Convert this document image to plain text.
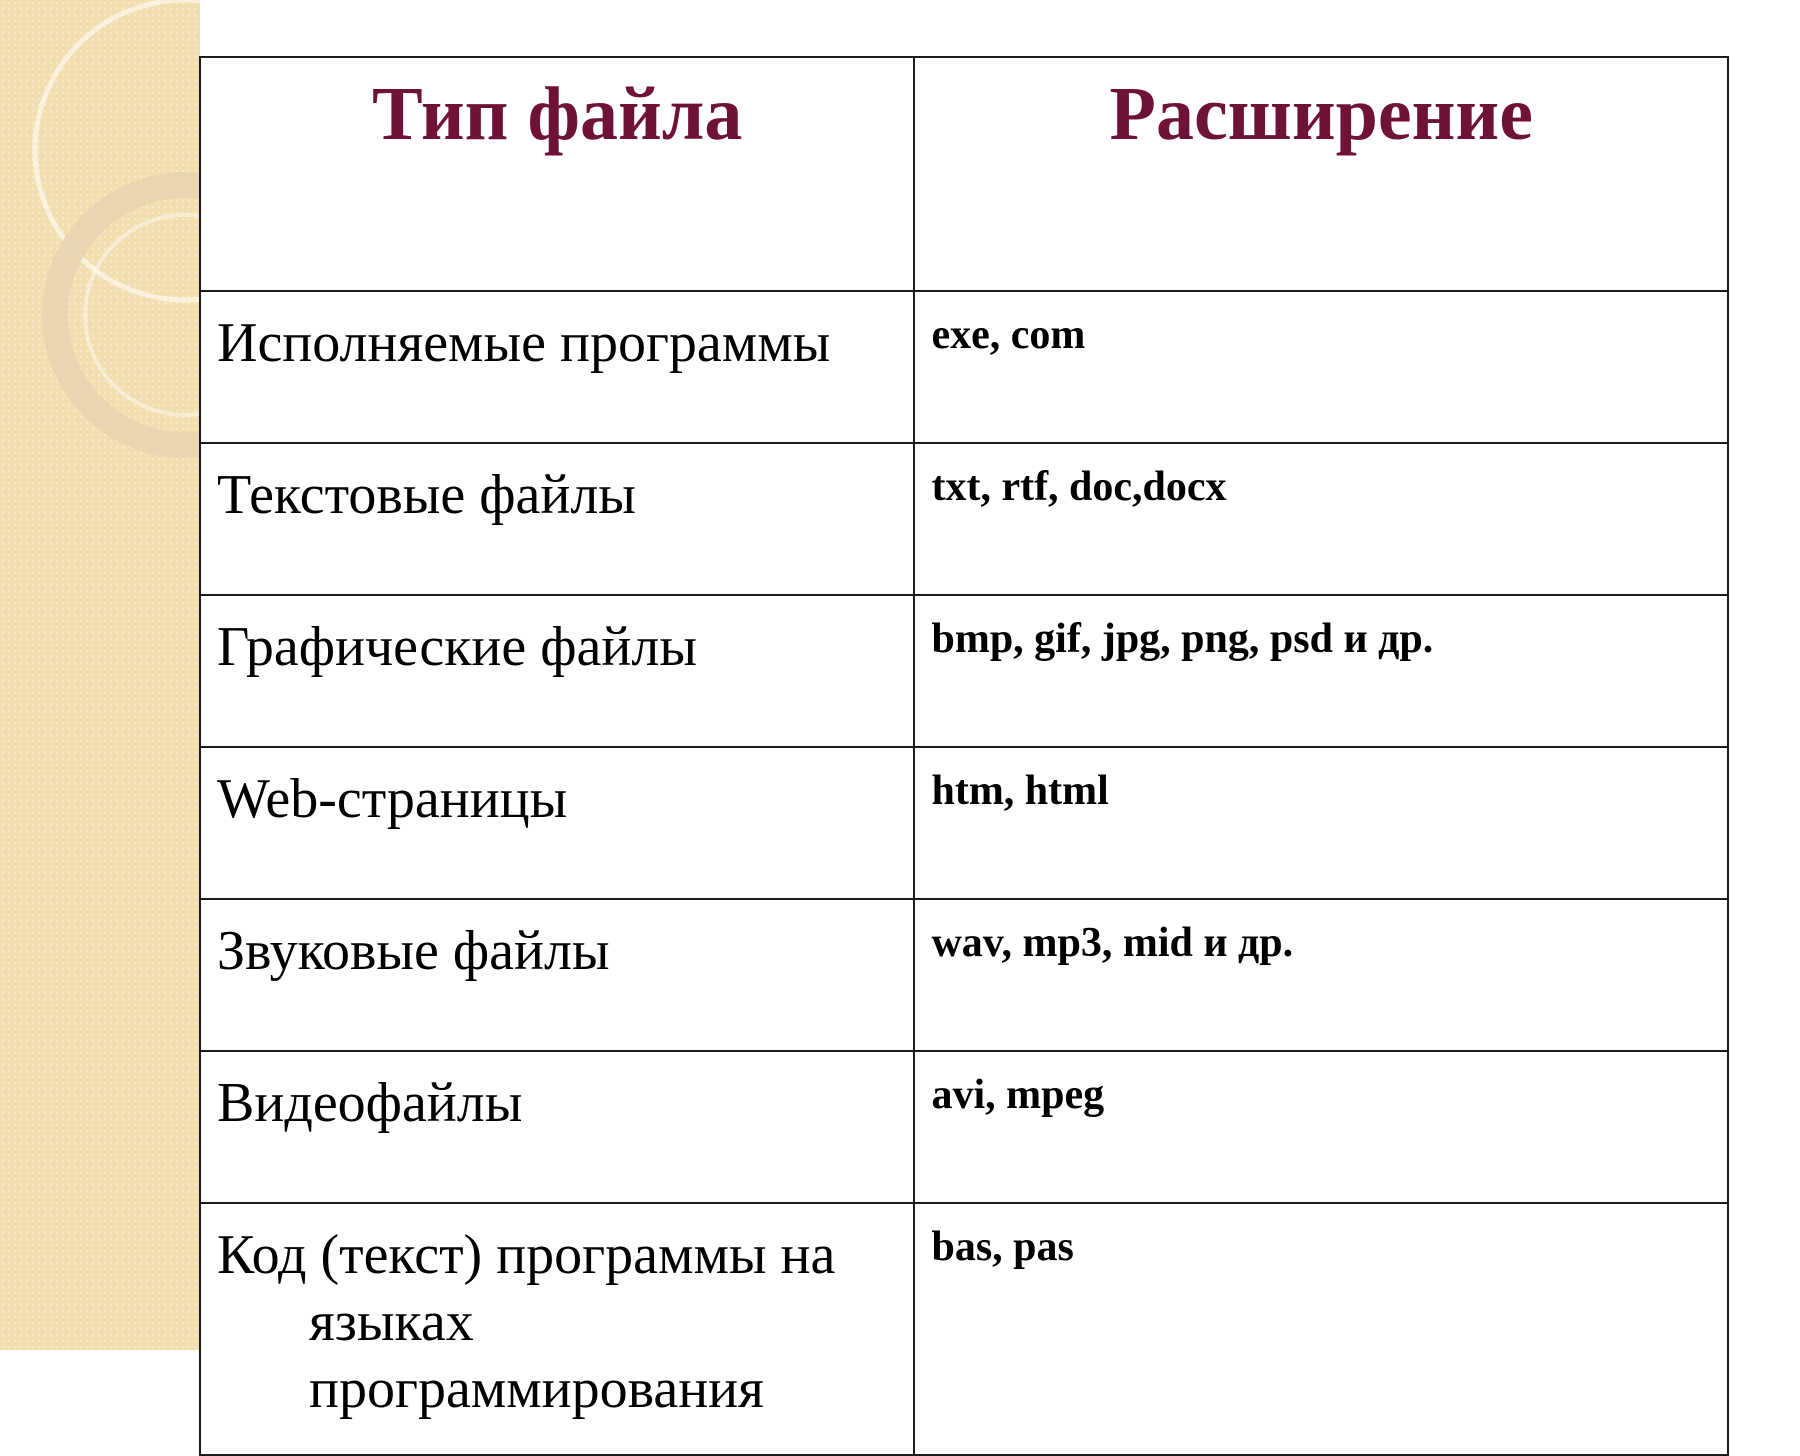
Тип файла	Расширение
Исполняемые программы	exe, com
Текстовые файлы	txt, rtf, doc,docx
Графические файлы	bmp, gif, jpg, png, psd и др.
Web-страницы	htm, html
Звуковые файлы	wav, mp3, mid и др.
Видеофайлы	avi, mpeg
Код (текст) программы на
языках
программирования	bas, pas
